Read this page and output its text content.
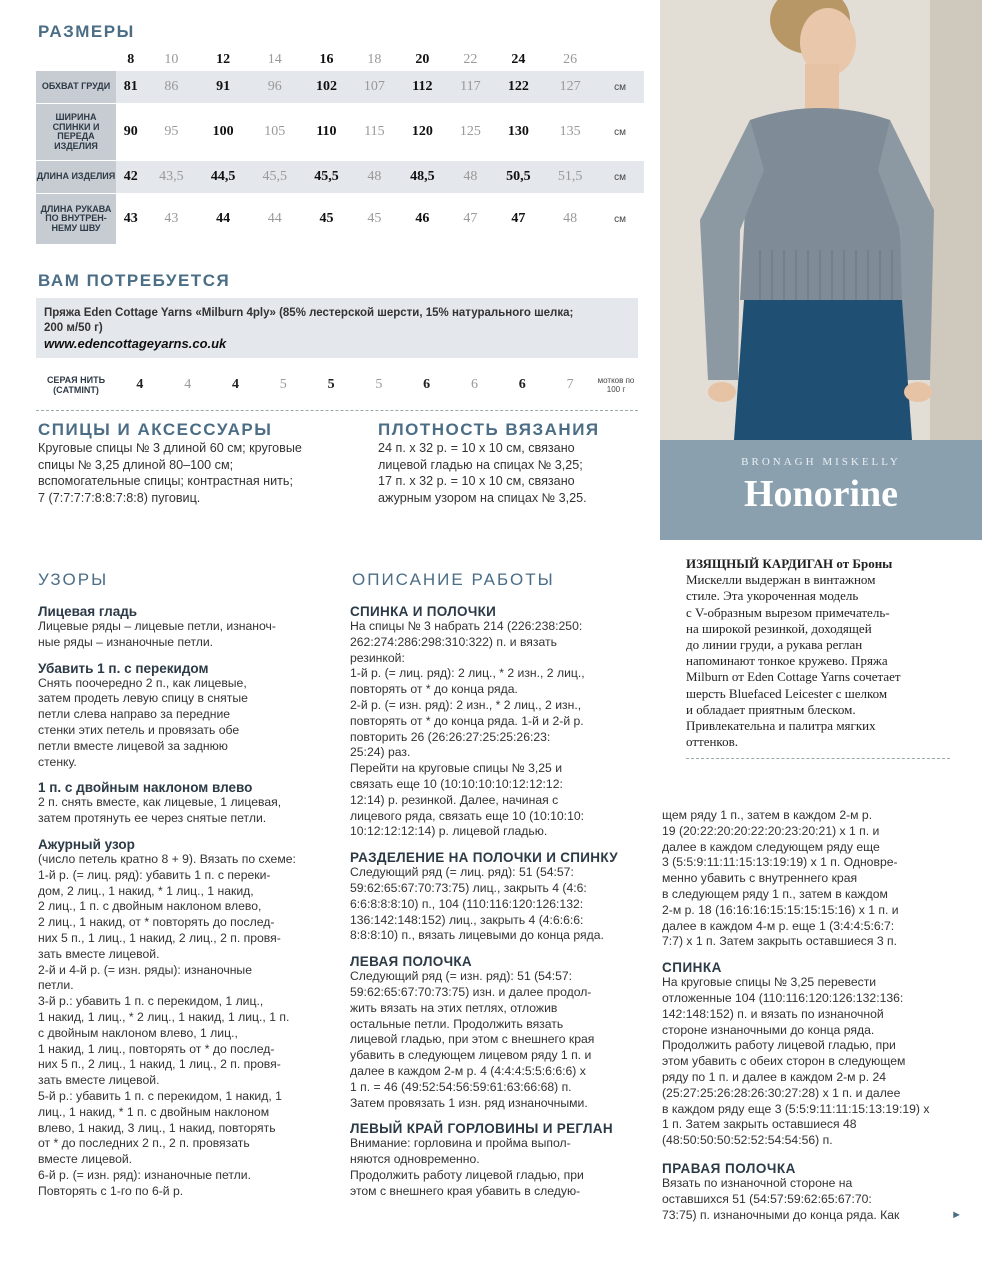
РАЗМЕРЫ
	8	10	12	14	16	18	20	22	24	26	
ОБХВАТ ГРУДИ	81	86	91	96	102	107	112	117	122	127	см
ШИРИНА СПИНКИ И ПЕРЕДА ИЗДЕЛИЯ	90	95	100	105	110	115	120	125	130	135	см
ДЛИНА ИЗДЕЛИЯ	42	43,5	44,5	45,5	45,5	48	48,5	48	50,5	51,5	см
ДЛИНА РУКАВА ПО ВНУТРЕН-НЕМУ ШВУ	43	43	44	44	45	45	46	47	47	48	см
ВАМ ПОТРЕБУЕТСЯ
Пряжа Eden Cottage Yarns «Milburn 4ply» (85% лестерской шерсти, 15% натурального шелка;
200 м/50 г)
www.edencottageyarns.co.uk
СЕРАЯ НИТЬ (CATMINT)	4	4	4	5	5	5	6	6	6	7	мотков по 100 г
СПИЦЫ И АКСЕССУАРЫ
Круговые спицы № 3 длиной 60 см; круговые
спицы № 3,25 длиной 80–100 см;
вспомогательные спицы; контрастная нить;
7 (7:7:7:7:8:8:7:8:8) пуговиц.
ПЛОТНОСТЬ ВЯЗАНИЯ
24 п. х 32 р. = 10 х 10 см, связано
лицевой гладью на спицах № 3,25;
17 п. х 32 р. = 10 х 10 см, связано
ажурным узором на спицах № 3,25.
BRONAGH MISKELLY
Honorine
ИЗЯЩНЫЙ КАРДИГАН от Броны
Мискелли выдержан в винтажном
стиле. Эта укороченная модель
с V-образным вырезом примечатель-
на широкой резинкой, доходящей
до линии груди, а рукава реглан
напоминают тонкое кружево. Пряжа
Milburn от Eden Cottage Yarns сочетает
шерсть Bluefaced Leicester с шелком
и обладает приятным блеском.
Привлекательна и палитра мягких
оттенков.
УЗОРЫ
Лицевая гладь
Лицевые ряды – лицевые петли, изнаноч-
ные ряды – изнаночные петли.
Убавить 1 п. с перекидом
Снять поочередно 2 п., как лицевые,
затем продеть левую спицу в снятые
петли слева направо за передние
стенки этих петель и провязать обе
петли вместе лицевой за заднюю
стенку.
1 п. с двойным наклоном влево
2 п. снять вместе, как лицевые, 1 лицевая,
затем протянуть ее через снятые петли.
Ажурный узор
(число петель кратно 8 + 9). Вязать по схеме:
1-й р. (= лиц. ряд): убавить 1 п. с переки-
дом, 2 лиц., 1 накид, * 1 лиц., 1 накид,
2 лиц., 1 п. с двойным наклоном влево,
2 лиц., 1 накид, от * повторять до послед-
них 5 п., 1 лиц., 1 накид, 2 лиц., 2 п. провя-
зать вместе лицевой.
2-й и 4-й р. (= изн. ряды): изнаночные
петли.
3-й р.: убавить 1 п. с перекидом, 1 лиц.,
1 накид, 1 лиц., * 2 лиц., 1 накид, 1 лиц., 1 п.
с двойным наклоном влево, 1 лиц.,
1 накид, 1 лиц., повторять от * до послед-
них 5 п., 2 лиц., 1 накид, 1 лиц., 2 п. провя-
зать вместе лицевой.
5-й р.: убавить 1 п. с перекидом, 1 накид, 1
лиц., 1 накид, * 1 п. с двойным наклоном
влево, 1 накид, 3 лиц., 1 накид, повторять
от * до последних 2 п., 2 п. провязать
вместе лицевой.
6-й р. (= изн. ряд): изнаночные петли.
Повторять с 1-го по 6-й р.
ОПИСАНИЕ РАБОТЫ
СПИНКА И ПОЛОЧКИ
На спицы № 3 набрать 214 (226:238:250:
262:274:286:298:310:322) п. и вязать
резинкой:
1-й р. (= лиц. ряд): 2 лиц., * 2 изн., 2 лиц.,
повторять от * до конца ряда.
2-й р. (= изн. ряд): 2 изн., * 2 лиц., 2 изн.,
повторять от * до конца ряда. 1-й и 2-й р.
повторить 26 (26:26:27:25:25:26:23:
25:24) раз.
Перейти на круговые спицы № 3,25 и
связать еще 10 (10:10:10:10:12:12:12:
12:14) р. резинкой. Далее, начиная с
лицевого ряда, связать еще 10 (10:10:10:
10:12:12:12:14) р. лицевой гладью.
РАЗДЕЛЕНИЕ НА ПОЛОЧКИ И СПИНКУ
Следующий ряд (= лиц. ряд): 51 (54:57:
59:62:65:67:70:73:75) лиц., закрыть 4 (4:6:
6:6:8:8:8:10) п., 104 (110:116:120:126:132:
136:142:148:152) лиц., закрыть 4 (4:6:6:6:
8:8:8:10) п., вязать лицевыми до конца ряда.
ЛЕВАЯ ПОЛОЧКА
Следующий ряд (= изн. ряд): 51 (54:57:
59:62:65:67:70:73:75) изн. и далее продол-
жить вязать на этих петлях, отложив
остальные петли. Продолжить вязать
лицевой гладью, при этом с внешнего края
убавить в следующем лицевом ряду 1 п. и
далее в каждом 2-м р. 4 (4:4:4:5:5:6:6:6) х
1 п. = 46 (49:52:54:56:59:61:63:66:68) п.
Затем провязать 1 изн. ряд изнаночными.
ЛЕВЫЙ КРАЙ ГОРЛОВИНЫ И РЕГЛАН
Внимание: горловина и пройма выпол-
няются одновременно.
Продолжить работу лицевой гладью, при
этом с внешнего края убавить в следую-
щем ряду 1 п., затем в каждом 2-м р.
19 (20:22:20:20:22:20:23:20:21) х 1 п. и
далее в каждом следующем ряду еще
3 (5:5:9:11:11:15:13:19:19) х 1 п. Одновре-
менно убавить с внутреннего края
в следующем ряду 1 п., затем в каждом
2-м р. 18 (16:16:16:15:15:15:15:16) х 1 п. и
далее в каждом 4-м р. еще 1 (3:4:4:5:6:7:
7:7) х 1 п. Затем закрыть оставшиеся 3 п.
СПИНКА
На круговые спицы № 3,25 перевести
отложенные 104 (110:116:120:126:132:136:
142:148:152) п. и вязать по изнаночной
стороне изнаночными до конца ряда.
Продолжить работу лицевой гладью, при
этом убавить с обеих сторон в следующем
ряду по 1 п. и далее в каждом 2-м р. 24
(25:27:25:26:28:26:30:27:28) х 1 п. и далее
в каждом ряду еще 3 (5:5:9:11:11:15:13:19:19) х
1 п. Затем закрыть оставшиеся 48
(48:50:50:50:52:52:54:54:56) п.
ПРАВАЯ ПОЛОЧКА
Вязать по изнаночной стороне на
оставшихся 51 (54:57:59:62:65:67:70:
73:75) п. изнаночными до конца ряда. Как	►
